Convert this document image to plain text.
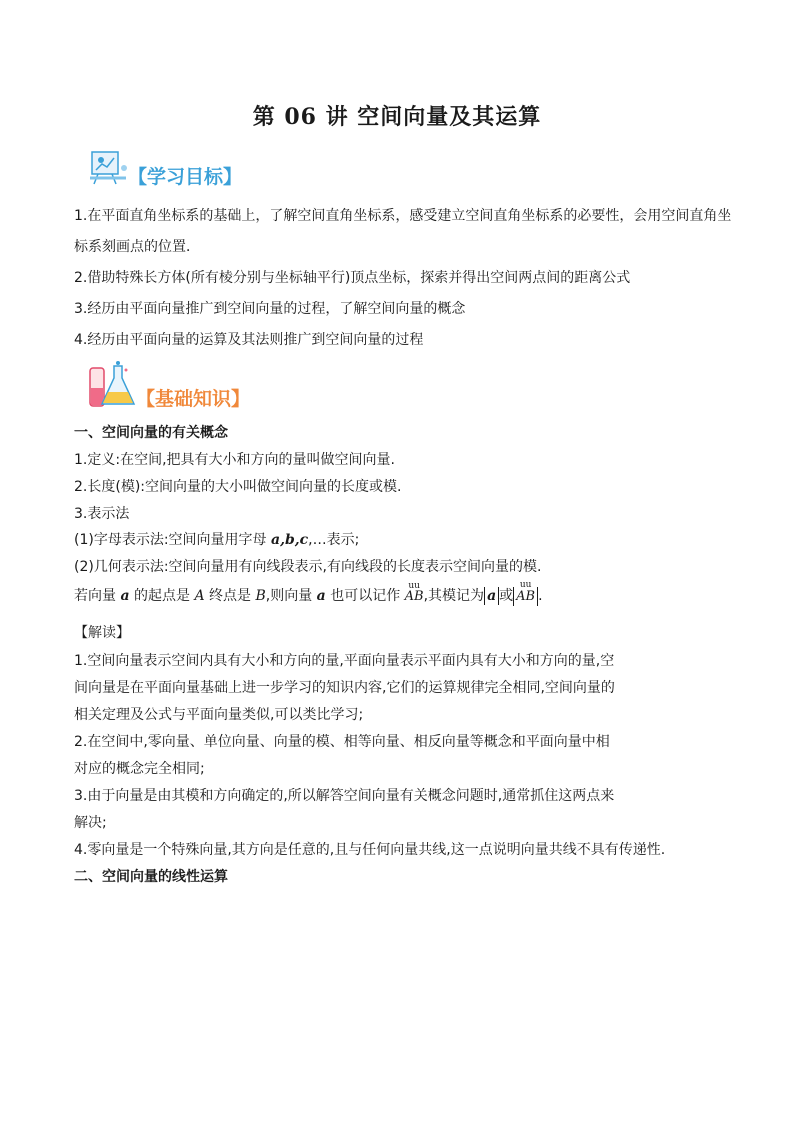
第 06 讲 空间向量及其运算
【学习目标】
1.在平面直角坐标系的基础上，了解空间直角坐标系，感受建立空间直角坐标系的必要性，会用空间直角坐
标系刻画点的位置．
2.借助特殊长方体(所有棱分别与坐标轴平行)顶点坐标，探索并得出空间两点间的距离公式
3.经历由平面向量推广到空间向量的过程，了解空间向量的概念
4.经历由平面向量的运算及其法则推广到空间向量的过程
【基础知识】
一、空间向量的有关概念
1.定义:在空间,把具有大小和方向的量叫做空间向量.
2.长度(模):空间向量的大小叫做空间向量的长度或模.
3.表示法
(1)字母表示法:空间向量用字母 a,b,c,…表示;
(2)几何表示法:空间向量用有向线段表示,有向线段的长度表示空间向量的模.
若向量 a 的起点是 A 终点是 B,则向量 a 也可以记作
uu
AB,其模记为 a 或
uu
AB .
【解读】
1.空间向量表示空间内具有大小和方向的量,平面向量表示平面内具有大小和方向的量,空
间向量是在平面向量基础上进一步学习的知识内容,它们的运算规律完全相同,空间向量的
相关定理及公式与平面向量类似,可以类比学习;
2.在空间中,零向量、单位向量、向量的模、相等向量、相反向量等概念和平面向量中相
对应的概念完全相同;
3.由于向量是由其模和方向确定的,所以解答空间向量有关概念问题时,通常抓住这两点来
解决;
4.零向量是一个特殊向量,其方向是任意的,且与任何向量共线,这一点说明向量共线不具有传递性.
二、空间向量的线性运算
